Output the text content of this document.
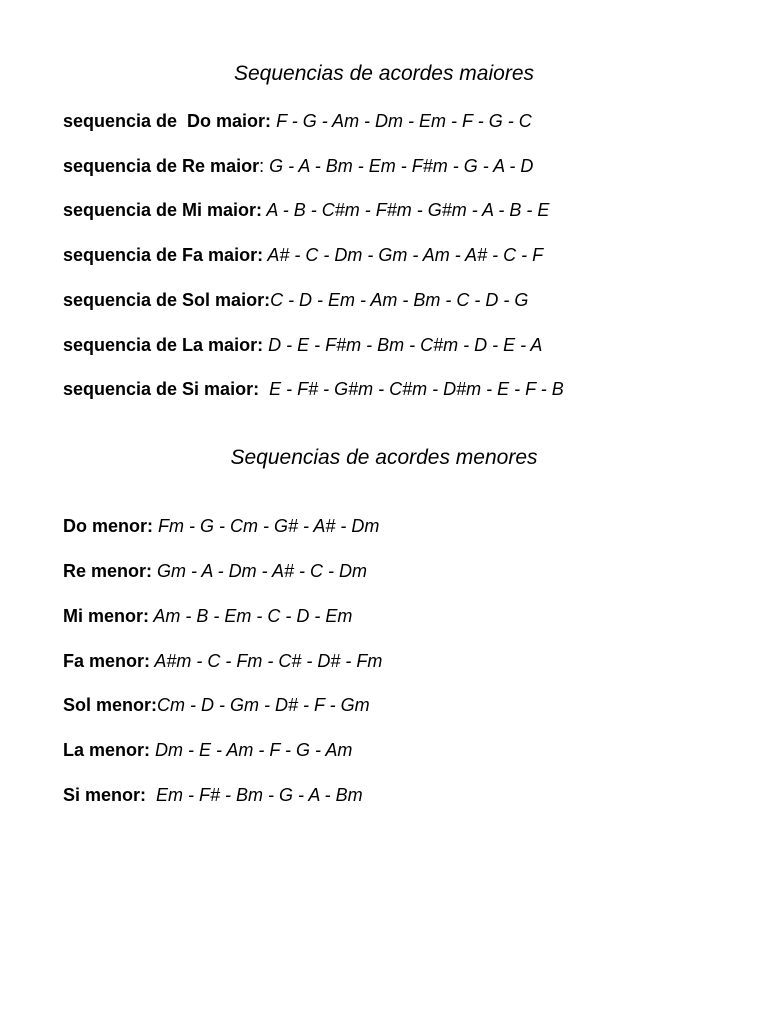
Sequencias de acordes maiores
sequencia de  Do maior: F - G - Am - Dm - Em - F - G - C
sequencia de Re maior: G - A - Bm - Em - F#m - G - A - D
sequencia de Mi maior: A - B - C#m - F#m - G#m - A - B - E
sequencia de Fa maior: A# - C - Dm - Gm - Am - A# - C - F
sequencia de Sol maior:C - D - Em - Am - Bm - C - D - G
sequencia de La maior: D - E - F#m - Bm - C#m - D - E - A
sequencia de Si maior:  E - F# - G#m - C#m - D#m - E - F - B
Sequencias de acordes menores
Do menor: Fm - G - Cm - G# - A# - Dm
Re menor: Gm - A - Dm - A# - C - Dm
Mi menor: Am - B - Em - C - D - Em
Fa menor: A#m - C - Fm - C# - D# - Fm
Sol menor:Cm - D - Gm - D# - F - Gm
La menor: Dm - E - Am - F - G - Am
Si menor:  Em - F# - Bm - G - A - Bm
